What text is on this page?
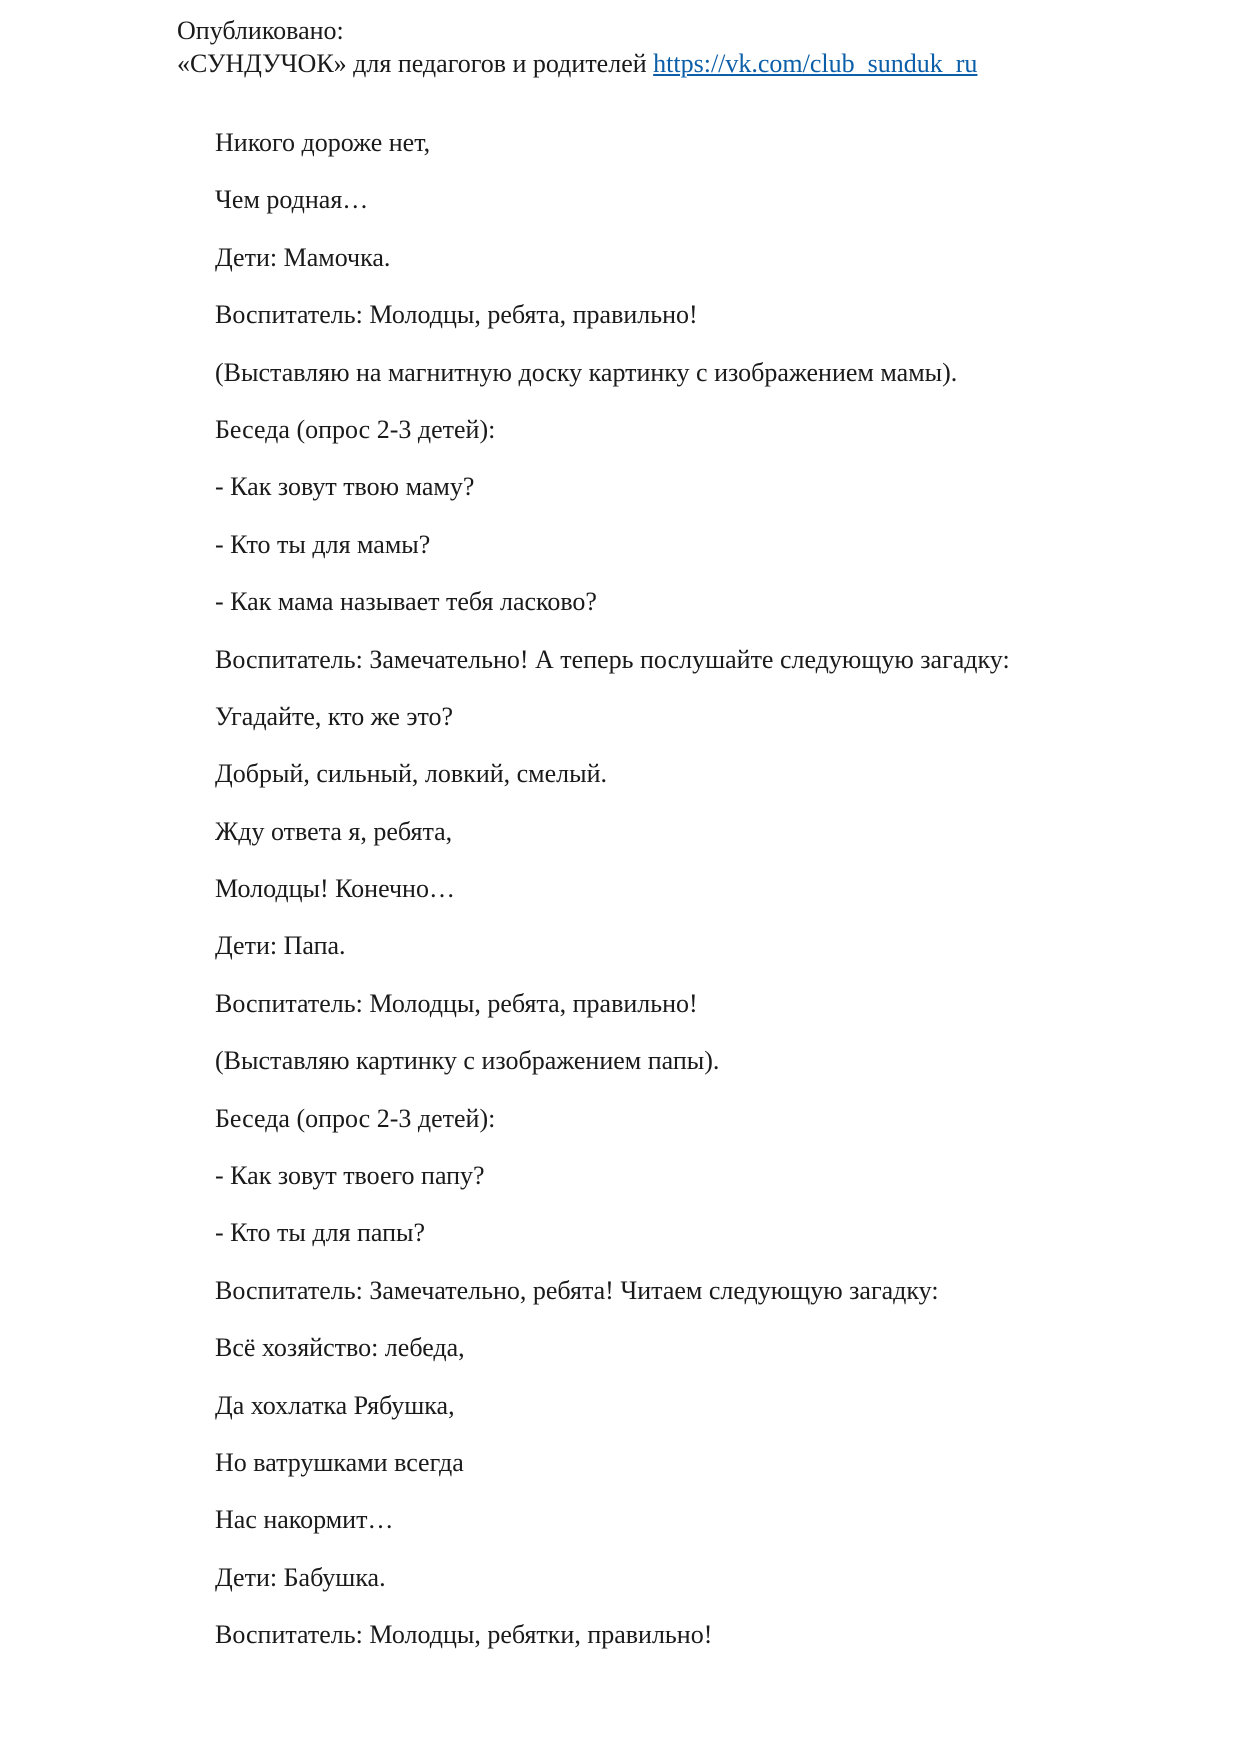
Опубликовано:
«СУНДУЧОК» для педагогов и родителей https://vk.com/club_sunduk_ru
Никого дороже нет,
Чем родная…
Дети: Мамочка.
Воспитатель: Молодцы, ребята, правильно!
(Выставляю на магнитную доску картинку с изображением мамы).
Беседа (опрос 2-3 детей):
- Как зовут твою маму?
- Кто ты для мамы?
- Как мама называет тебя ласково?
Воспитатель: Замечательно! А теперь послушайте следующую загадку:
Угадайте, кто же это?
Добрый, сильный, ловкий, смелый.
Жду ответа я, ребята,
Молодцы! Конечно…
Дети: Папа.
Воспитатель: Молодцы, ребята, правильно!
(Выставляю картинку с изображением папы).
Беседа (опрос 2-3 детей):
- Как зовут твоего папу?
- Кто ты для папы?
Воспитатель: Замечательно, ребята! Читаем следующую загадку:
Всё хозяйство: лебеда,
Да хохлатка Рябушка,
Но ватрушками всегда
Нас накормит…
Дети: Бабушка.
Воспитатель: Молодцы, ребятки, правильно!
